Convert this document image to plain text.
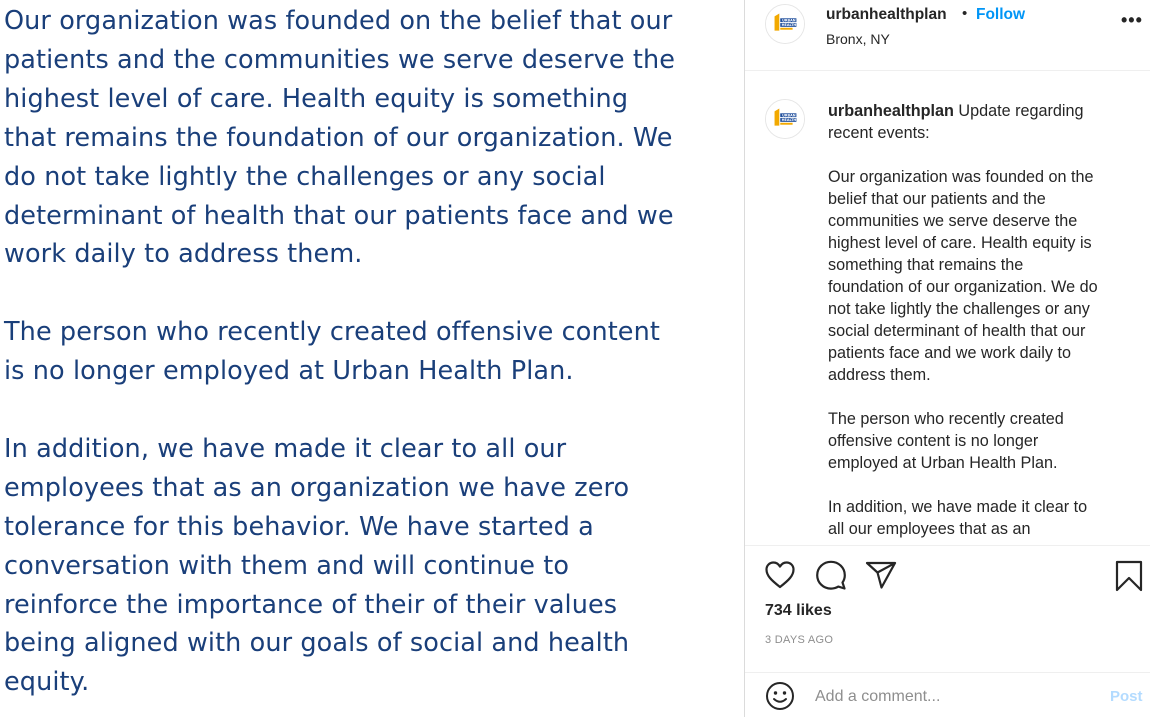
Our organization was founded on the belief that our

patients and the communities we serve deserve the

highest level of care. Health equity is something

that remains the foundation of our organization. We

do not take lightly the challenges or any social

determinant of health that our patients face and we

work daily to address them.

The person who recently created offensive content

is no longer employed at Urban Health Plan.

In addition, we have made it clear to all our

employees that as an organization we have zero

tolerance for this behavior. We have started a

conversation with them and will continue to

reinforce the importance of their of their values

being aligned with our goals of social and health

equity.

URBAN
HEALTH
urbanhealthplan • Follow
Bronx, NY
•••
URBAN
HEALTH

urbanhealthplan Update regarding

recent events:

Our organization was founded on the

belief that our patients and the

communities we serve deserve the

highest level of care. Health equity is

something that remains the

foundation of our organization. We do

not take lightly the challenges or any

social determinant of health that our

patients face and we work daily to

address them.

The person who recently created

offensive content is no longer

employed at Urban Health Plan.

In addition, we have made it clear to

all our employees that as an

734 likes
3 DAYS AGO
Add a comment...
Post
